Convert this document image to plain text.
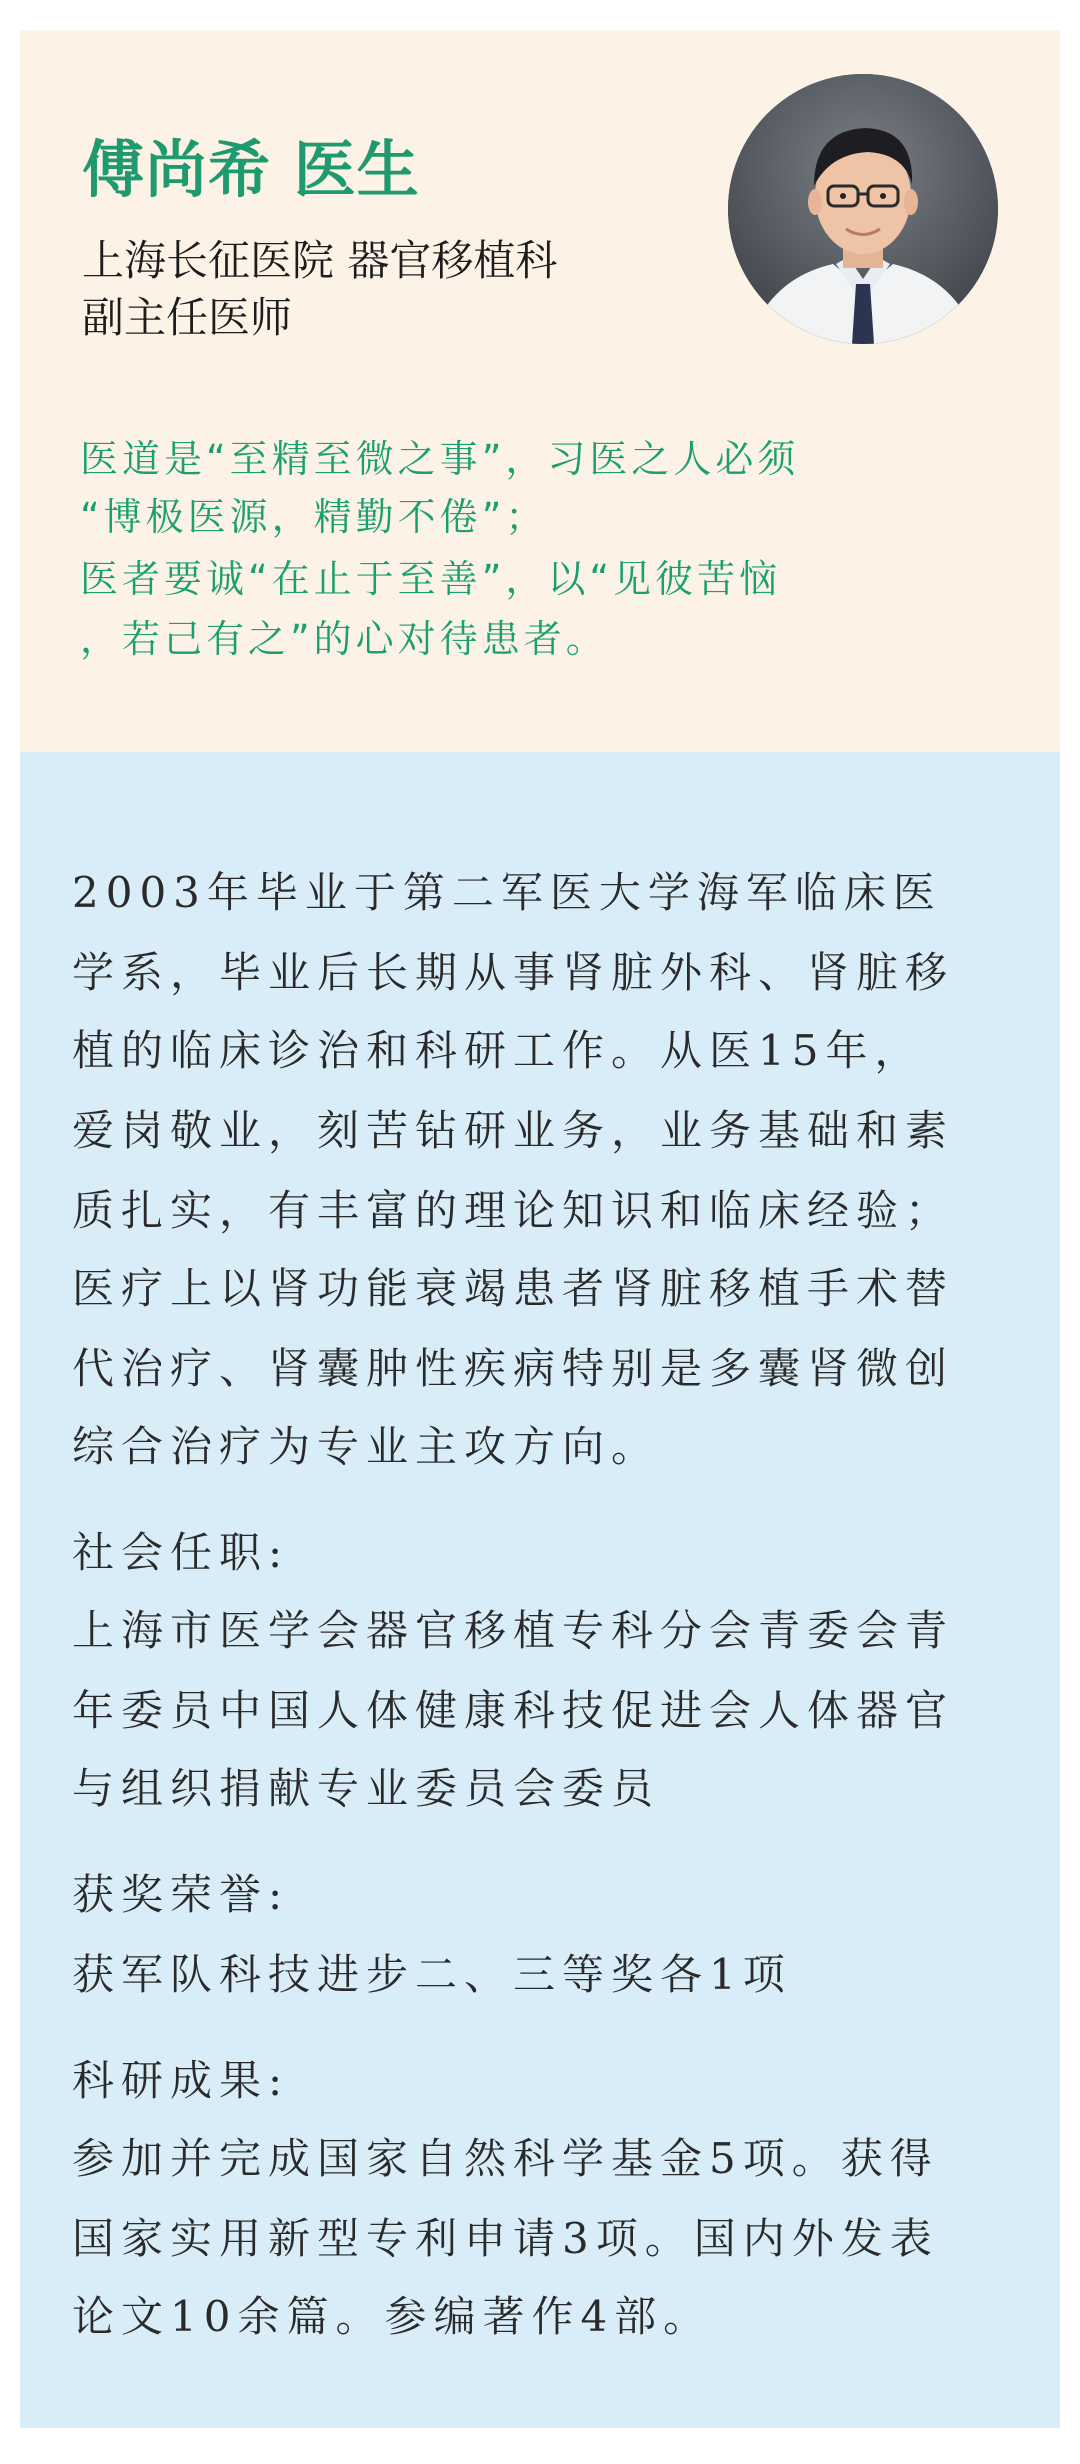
傅尚希 医生
上海长征医院 器官移植科
副主任医师
医道是“至精至微之事”，习医之人必须
“博极医源，精勤不倦”；
医者要诚“在止于至善”，以“见彼苦恼
，若己有之”的心对待患者。
2003年毕业于第二军医大学海军临床医
学系，毕业后长期从事肾脏外科、肾脏移
植的临床诊治和科研工作。从医15年，
爱岗敬业，刻苦钻研业务，业务基础和素
质扎实，有丰富的理论知识和临床经验；
医疗上以肾功能衰竭患者肾脏移植手术替
代治疗、肾囊肿性疾病特别是多囊肾微创
综合治疗为专业主攻方向。
社会任职:
上海市医学会器官移植专科分会青委会青
年委员中国人体健康科技促进会人体器官
与组织捐献专业委员会委员
获奖荣誉:
获军队科技进步二、三等奖各1项
科研成果:
参加并完成国家自然科学基金5项。获得
国家实用新型专利申请3项。国内外发表
论文10余篇。参编著作4部。
